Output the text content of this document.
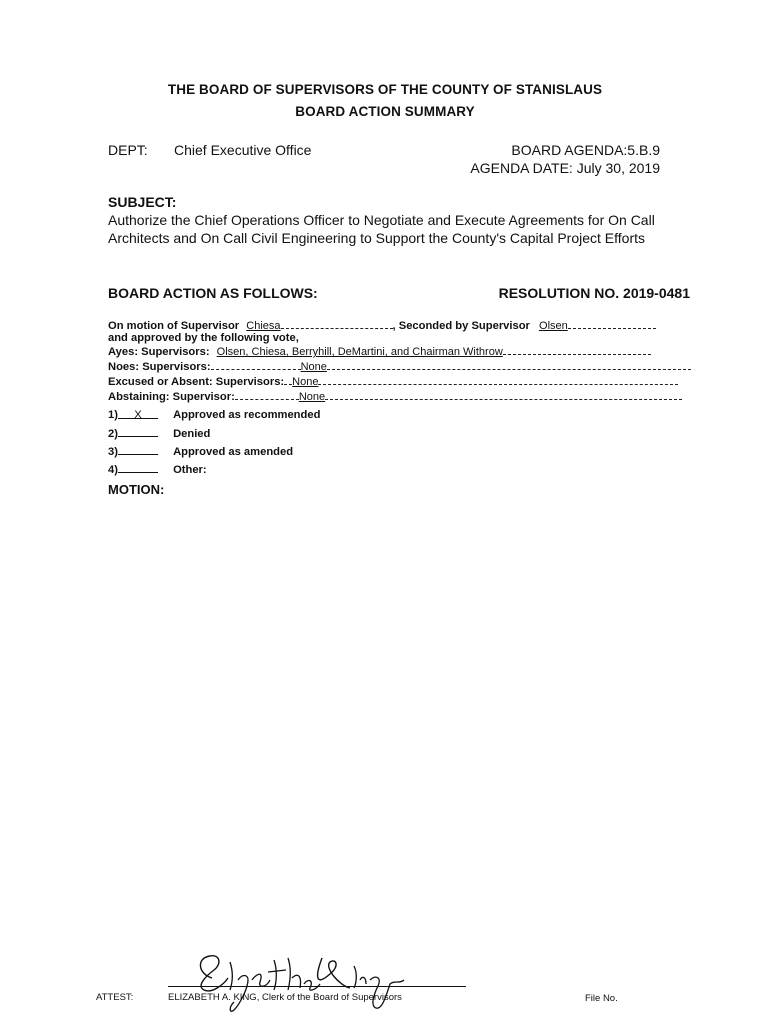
THE BOARD OF SUPERVISORS OF THE COUNTY OF STANISLAUS
BOARD ACTION SUMMARY
DEPT: Chief Executive Office	BOARD AGENDA:5.B.9
AGENDA DATE: July 30, 2019
SUBJECT:
Authorize the Chief Operations Officer to Negotiate and Execute Agreements for On Call Architects and On Call Civil Engineering to Support the County's Capital Project Efforts
BOARD ACTION AS FOLLOWS:	RESOLUTION NO. 2019-0481
On motion of Supervisor Chiesa	, Seconded by Supervisor Olsen
and approved by the following vote,
Ayes: Supervisors: Olsen, Chiesa, Berryhill, DeMartini, and Chairman Withrow
Noes: Supervisors:	None
Excused or Absent: Supervisors: None
Abstaining: Supervisor:	None
1) X	Approved as recommended
2)	Denied
3)	Approved as amended
4)	Other:
MOTION:
ATTEST:	ELIZABETH A. KING, Clerk of the Board of Supervisors	File No.
